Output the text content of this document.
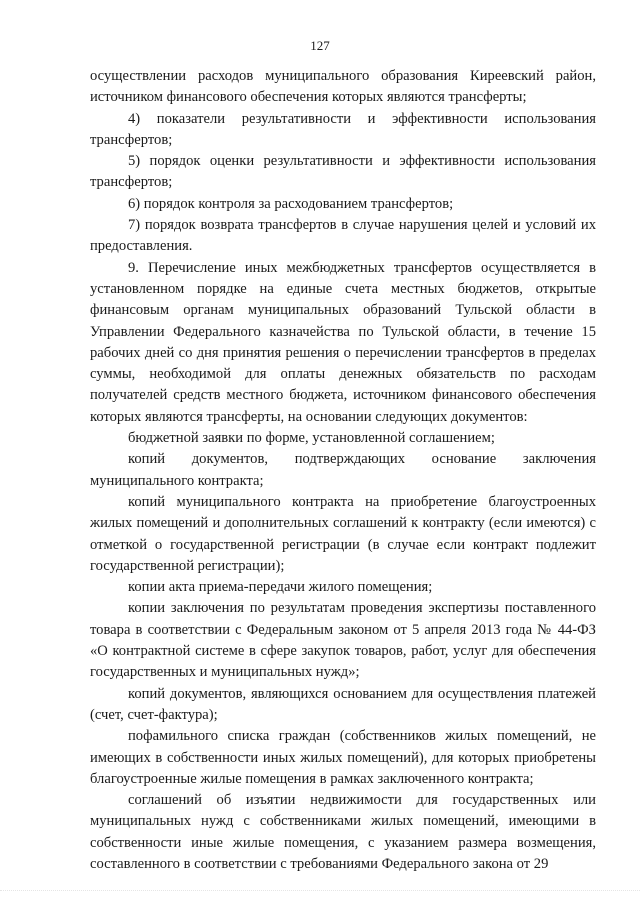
127

осуществлении расходов муниципального образования Киреевский район, источником финансового обеспечения которых являются трансферты;

4) показатели результативности и эффективности использования трансфертов;

5) порядок оценки результативности и эффективности использования трансфертов;

6) порядок контроля за расходованием трансфертов;

7) порядок возврата трансфертов в случае нарушения целей и условий их предоставления.

9. Перечисление иных межбюджетных трансфертов осуществляется в установленном порядке на единые счета местных бюджетов, открытые финансовым органам муниципальных образований Тульской области в Управлении Федерального казначейства по Тульской области, в течение 15 рабочих дней со дня принятия решения о перечислении трансфертов в пределах суммы, необходимой для оплаты денежных обязательств по расходам получателей средств местного бюджета, источником финансового обеспечения которых являются трансферты, на основании следующих документов:

бюджетной заявки по форме, установленной соглашением;

копий документов, подтверждающих основание заключения муниципального контракта;

копий муниципального контракта на приобретение благоустроенных жилых помещений и дополнительных соглашений к контракту (если имеются) с отметкой о государственной регистрации (в случае если контракт подлежит государственной регистрации);

копии акта приема-передачи жилого помещения;

копии заключения по результатам проведения экспертизы поставленного товара в соответствии с Федеральным законом от 5 апреля 2013 года № 44-ФЗ «О контрактной системе в сфере закупок товаров, работ, услуг для обеспечения государственных и муниципальных нужд»;

копий документов, являющихся основанием для осуществления платежей (счет, счет-фактура);

пофамильного списка граждан (собственников жилых помещений, не имеющих в собственности иных жилых помещений), для которых приобретены благоустроенные жилые помещения в рамках заключенного контракта;

соглашений об изъятии недвижимости для государственных или муниципальных нужд с собственниками жилых помещений, имеющими в собственности иные жилые помещения, с указанием размера возмещения, составленного в соответствии с требованиями Федерального закона от 29
